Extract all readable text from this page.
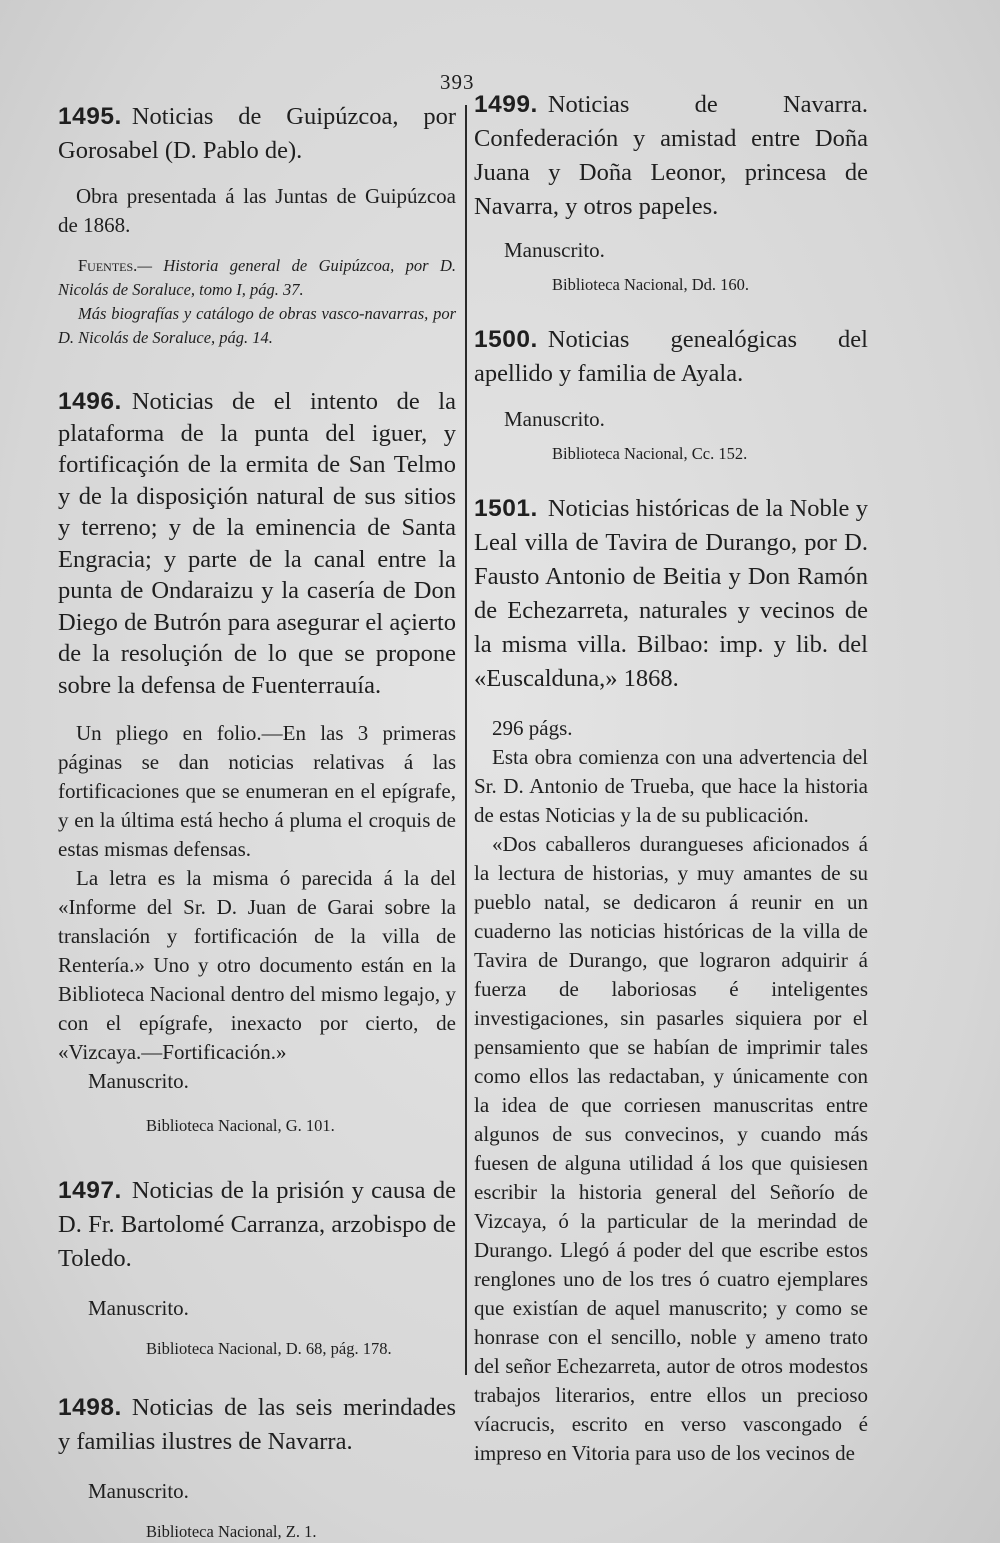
393

1495. Noticias de Guipúzcoa, por Gorosabel (D. Pablo de).

Obra presentada á las Juntas de Guipúzcoa de 1868.

Fuentes.— Historia general de Guipúzcoa, por D. Nicolás de Soraluce, tomo I, pág. 37.

Más biografías y catálogo de obras vasco-navarras, por D. Nicolás de Soraluce, pág. 14.

1496. Noticias de el intento de la plataforma de la punta del iguer, y fortificaçión de la ermita de San Telmo y de la disposiçión natural de sus sitios y terreno; y de la eminencia de Santa Engracia; y parte de la canal entre la punta de Ondaraizu y la casería de Don Diego de Butrón para asegurar el açierto de la resoluçión de lo que se propone sobre la defensa de Fuenterrauía.

Un pliego en folio.—En las 3 primeras páginas se dan noticias relativas á las fortificaciones que se enumeran en el epígrafe, y en la última está hecho á pluma el croquis de estas mismas defensas.

La letra es la misma ó parecida á la del «Informe del Sr. D. Juan de Garai sobre la translación y fortificación de la villa de Rentería.» Uno y otro documento están en la Biblioteca Nacional dentro del mismo legajo, y con el epígrafe, inexacto por cierto, de «Vizcaya.—Fortificación.»

Manuscrito.

Biblioteca Nacional, G. 101.

1497. Noticias de la prisión y causa de D. Fr. Bartolomé Carranza, arzobispo de Toledo.

Manuscrito.

Biblioteca Nacional, D. 68, pág. 178.

1498. Noticias de las seis merindades y familias ilustres de Navarra.

Manuscrito.

Biblioteca Nacional, Z. 1.

1499. Noticias de Navarra. Confederación y amistad entre Doña Juana y Doña Leonor, princesa de Navarra, y otros papeles.

Manuscrito.

Biblioteca Nacional, Dd. 160.

1500. Noticias genealógicas del apellido y familia de Ayala.

Manuscrito.

Biblioteca Nacional, Cc. 152.

1501. Noticias históricas de la Noble y Leal villa de Tavira de Durango, por D. Fausto Antonio de Beitia y Don Ramón de Echezarreta, naturales y vecinos de la misma villa. Bilbao: imp. y lib. del «Euscalduna,» 1868.

296 págs.

Esta obra comienza con una advertencia del Sr. D. Antonio de Trueba, que hace la historia de estas Noticias y la de su publicación.

«Dos caballeros durangueses aficionados á la lectura de historias, y muy amantes de su pueblo natal, se dedicaron á reunir en un cuaderno las noticias históricas de la villa de Tavira de Durango, que lograron adquirir á fuerza de laboriosas é inteligentes investigaciones, sin pasarles siquiera por el pensamiento que se habían de imprimir tales como ellos las redactaban, y únicamente con la idea de que corriesen manuscritas entre algunos de sus convecinos, y cuando más fuesen de alguna utilidad á los que quisiesen escribir la historia general del Señorío de Vizcaya, ó la particular de la merindad de Durango. Llegó á poder del que escribe estos renglones uno de los tres ó cuatro ejemplares que existían de aquel manuscrito; y como se honrase con el sencillo, noble y ameno trato del señor Echezarreta, autor de otros modestos trabajos literarios, entre ellos un precioso víacrucis, escrito en verso vascongado é impreso en Vitoria para uso de los vecinos de
